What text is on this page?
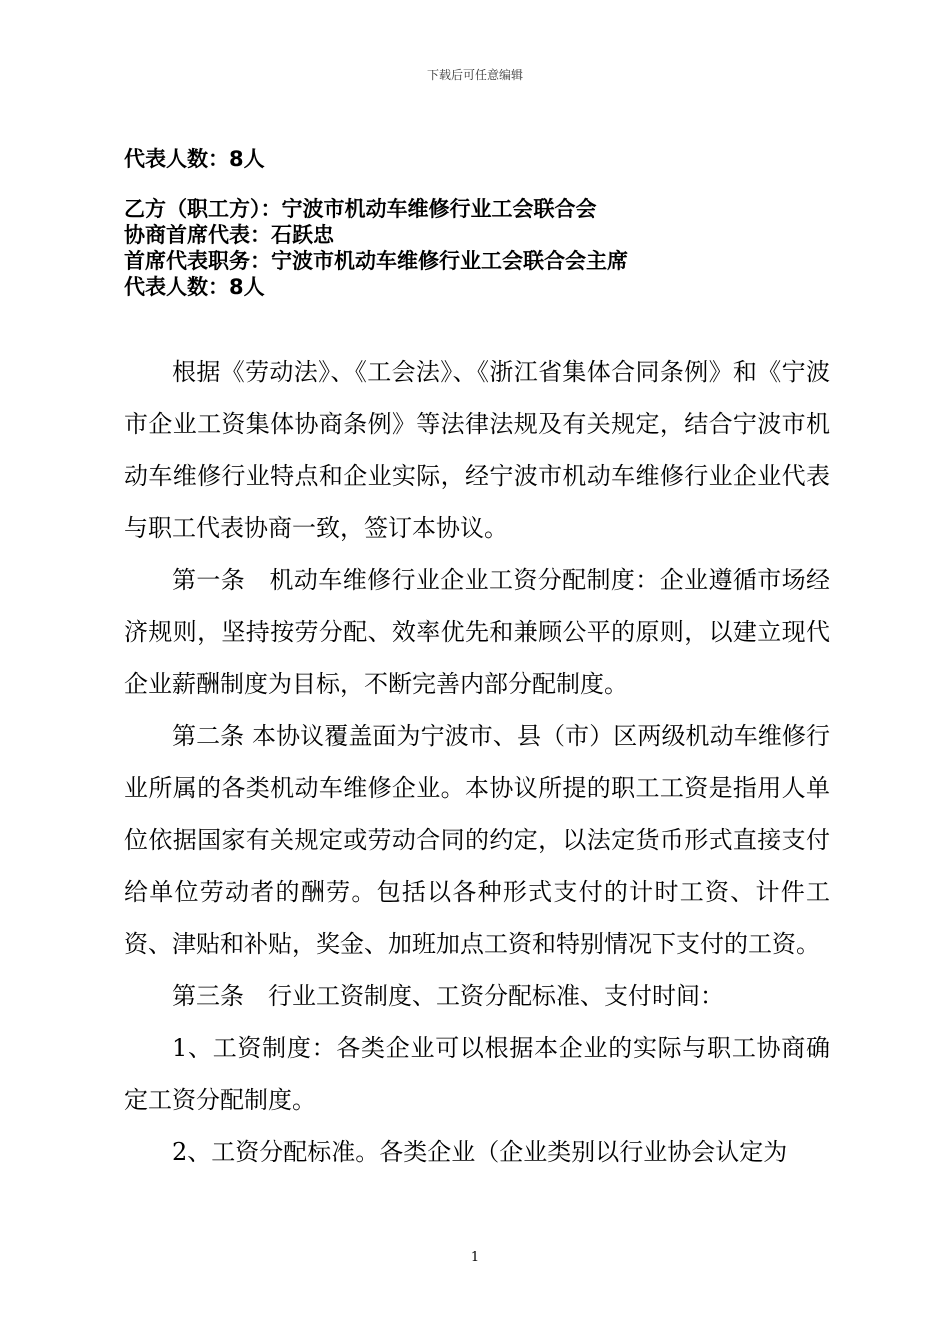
下载后可任意编辑
代表人数：8人
乙方（职工方）：宁波市机动车维修行业工会联合会
协商首席代表：石跃忠
首席代表职务：宁波市机动车维修行业工会联合会主席
代表人数：8人

根据《劳动法》、《工会法》、《浙江省集体合同条例》和《宁波市企业工资集体协商条例》等法律法规及有关规定，结合宁波市机动车维修行业特点和企业实际，经宁波市机动车维修行业企业代表与职工代表协商一致，签订本协议。

第一条　机动车维修行业企业工资分配制度：企业遵循市场经济规则，坚持按劳分配、效率优先和兼顾公平的原则，以建立现代企业薪酬制度为目标，不断完善内部分配制度。

第二条 本协议覆盖面为宁波市、县（市）区两级机动车维修行业所属的各类机动车维修企业。本协议所提的职工工资是指用人单位依据国家有关规定或劳动合同的约定，以法定货币形式直接支付给单位劳动者的酬劳。包括以各种形式支付的计时工资、计件工资、津贴和补贴，奖金、加班加点工资和特别情况下支付的工资。

第三条　行业工资制度、工资分配标准、支付时间：

1、工资制度：各类企业可以根据本企业的实际与职工协商确定工资分配制度。

2、工资分配标准。各类企业（企业类别以行业协会认定为

1
